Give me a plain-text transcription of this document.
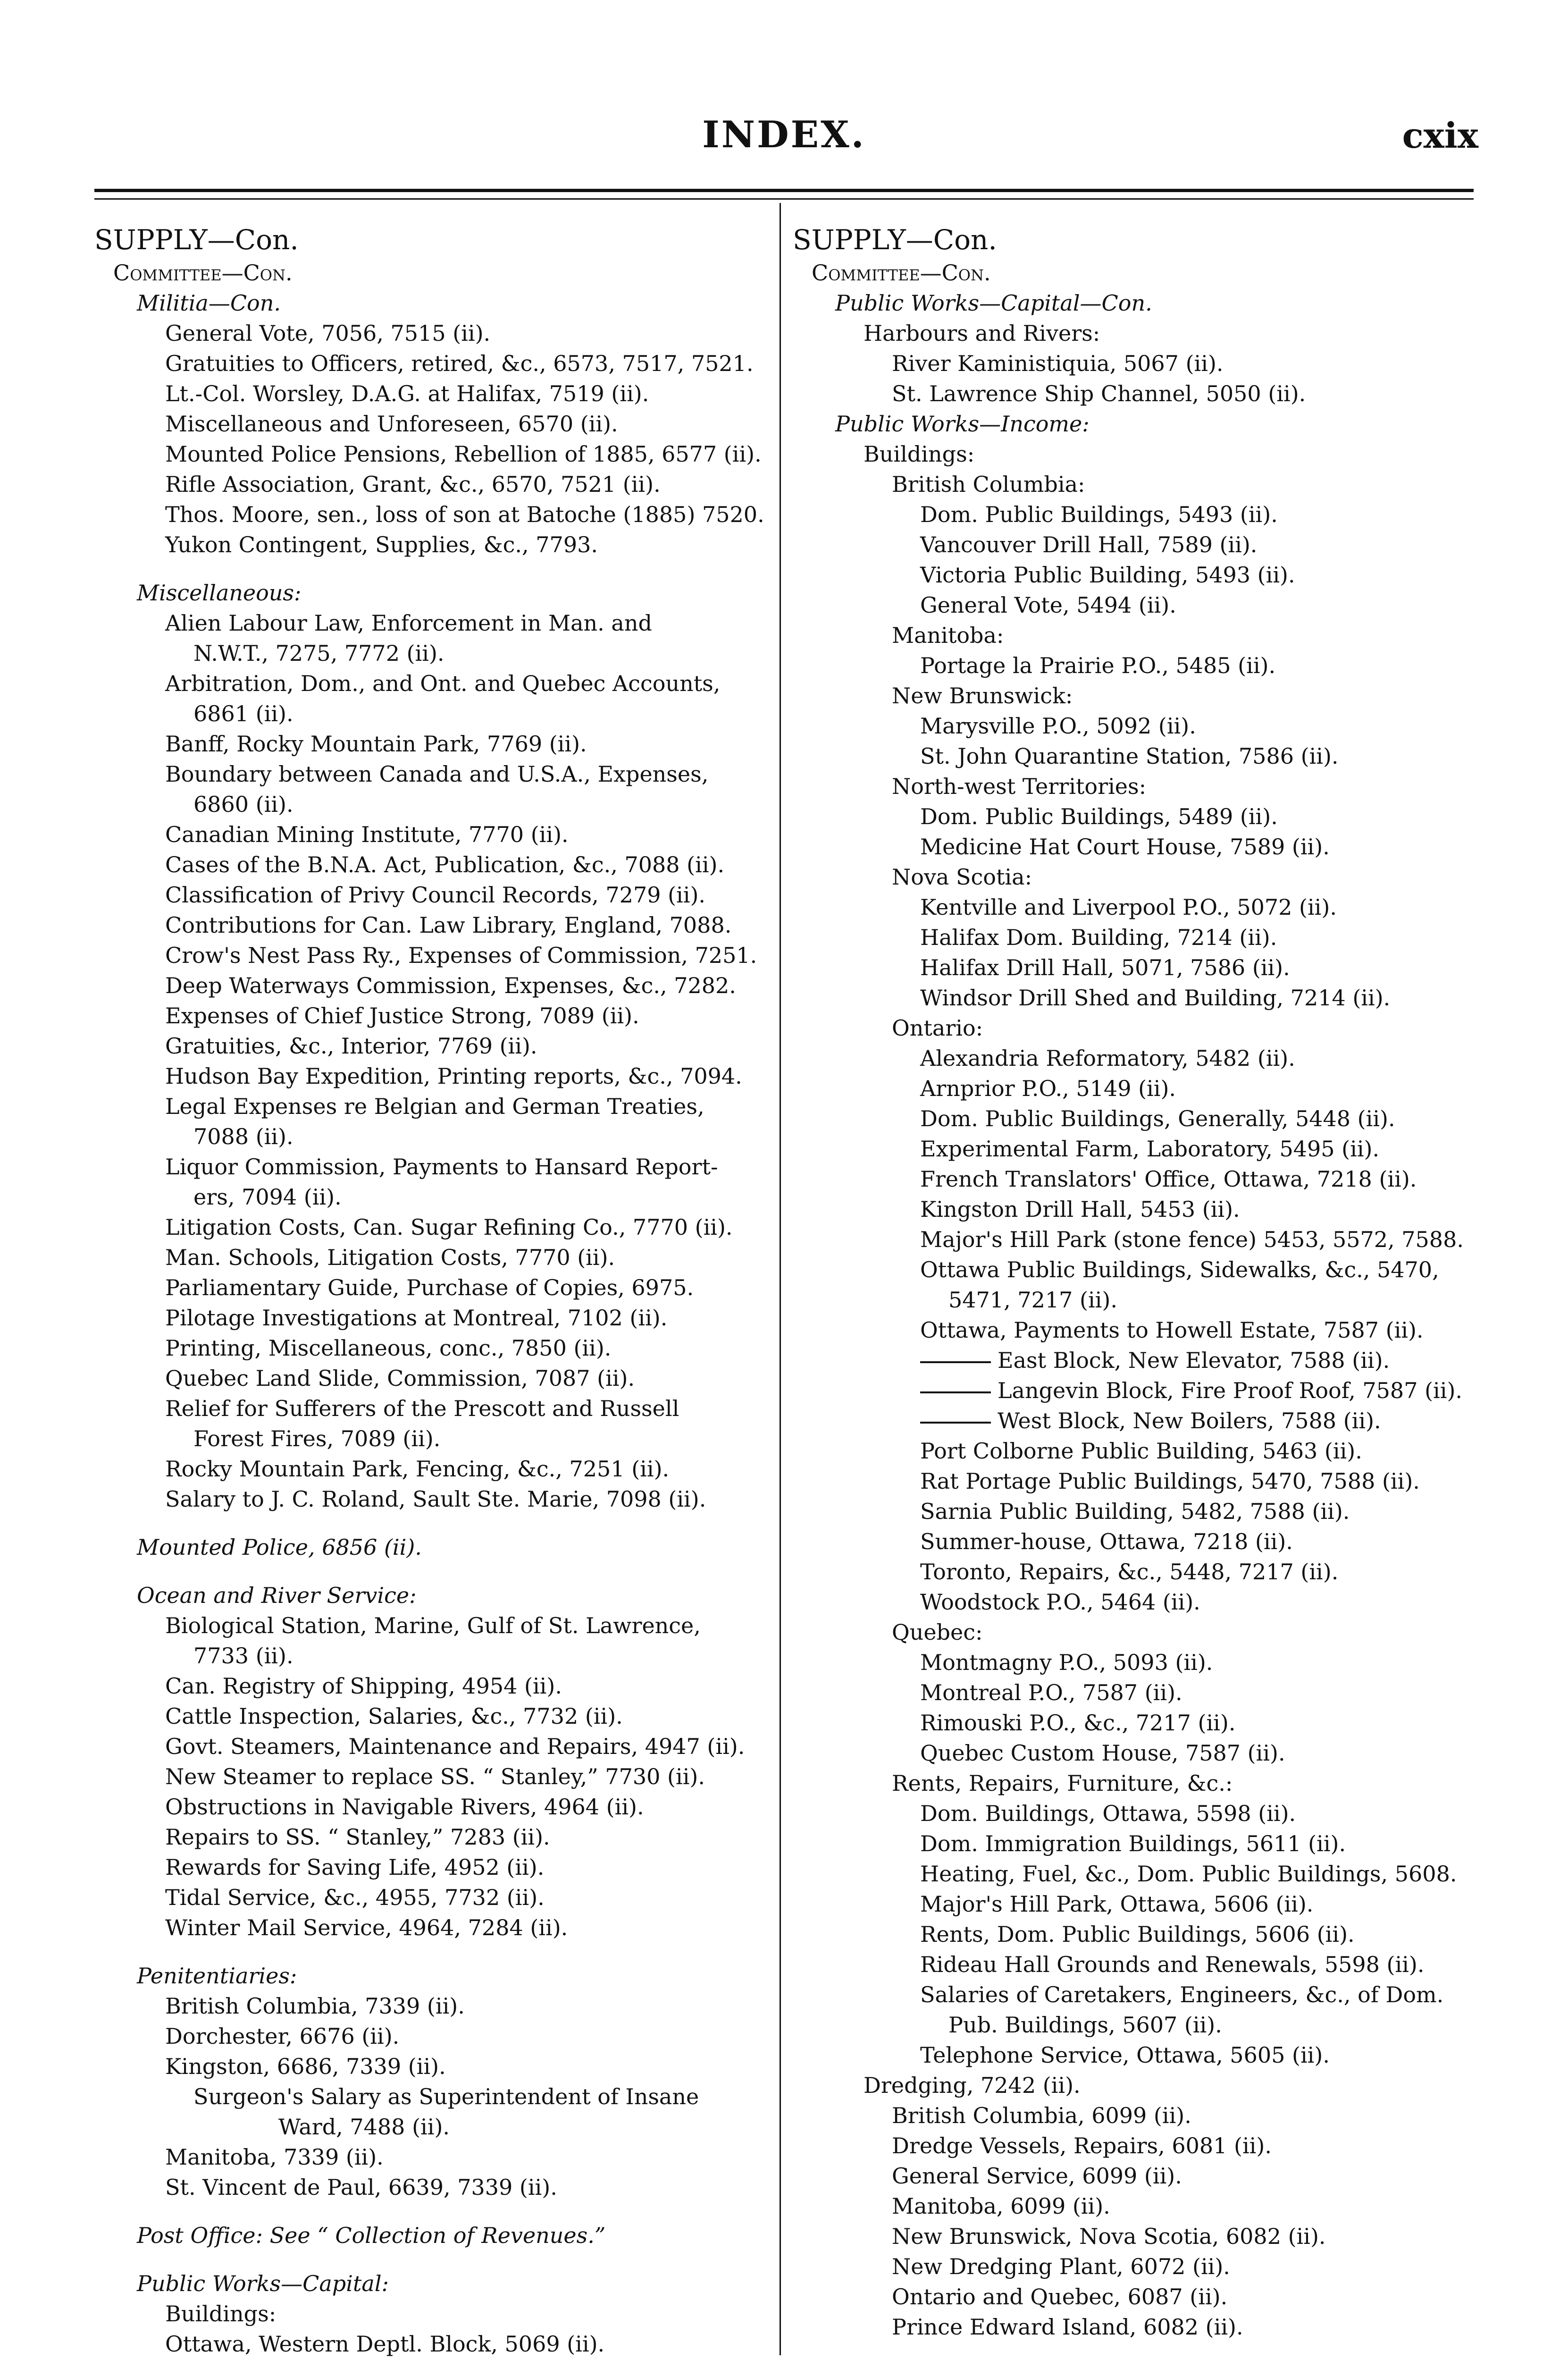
INDEX.	cxix
SUPPLY—Con.
Committee—Con.
Militia—Con.
General Vote, 7056, 7515 (ii).
Gratuities to Officers, retired, &c., 6573, 7517, 7521.
Lt.-Col. Worsley, D.A.G. at Halifax, 7519 (ii).
Miscellaneous and Unforeseen, 6570 (ii).
Mounted Police Pensions, Rebellion of 1885, 6577 (ii).
Rifle Association, Grant, &c., 6570, 7521 (ii).
Thos. Moore, sen., loss of son at Batoche (1885) 7520.
Yukon Contingent, Supplies, &c., 7793.
Miscellaneous:
Alien Labour Law, Enforcement in Man. and
N.W.T., 7275, 7772 (ii).
Arbitration, Dom., and Ont. and Quebec Accounts,
6861 (ii).
Banff, Rocky Mountain Park, 7769 (ii).
Boundary between Canada and U.S.A., Expenses,
6860 (ii).
Canadian Mining Institute, 7770 (ii).
Cases of the B.N.A. Act, Publication, &c., 7088 (ii).
Classification of Privy Council Records, 7279 (ii).
Contributions for Can. Law Library, England, 7088.
Crow's Nest Pass Ry., Expenses of Commission, 7251.
Deep Waterways Commission, Expenses, &c., 7282.
Expenses of Chief Justice Strong, 7089 (ii).
Gratuities, &c., Interior, 7769 (ii).
Hudson Bay Expedition, Printing reports, &c., 7094.
Legal Expenses re Belgian and German Treaties,
7088 (ii).
Liquor Commission, Payments to Hansard Report-
ers, 7094 (ii).
Litigation Costs, Can. Sugar Refining Co., 7770 (ii).
Man. Schools, Litigation Costs, 7770 (ii).
Parliamentary Guide, Purchase of Copies, 6975.
Pilotage Investigations at Montreal, 7102 (ii).
Printing, Miscellaneous, conc., 7850 (ii).
Quebec Land Slide, Commission, 7087 (ii).
Relief for Sufferers of the Prescott and Russell
Forest Fires, 7089 (ii).
Rocky Mountain Park, Fencing, &c., 7251 (ii).
Salary to J. C. Roland, Sault Ste. Marie, 7098 (ii).
Mounted Police, 6856 (ii).
Ocean and River Service:
Biological Station, Marine, Gulf of St. Lawrence,
7733 (ii).
Can. Registry of Shipping, 4954 (ii).
Cattle Inspection, Salaries, &c., 7732 (ii).
Govt. Steamers, Maintenance and Repairs, 4947 (ii).
New Steamer to replace SS. “ Stanley,” 7730 (ii).
Obstructions in Navigable Rivers, 4964 (ii).
Repairs to SS. “ Stanley,” 7283 (ii).
Rewards for Saving Life, 4952 (ii).
Tidal Service, &c., 4955, 7732 (ii).
Winter Mail Service, 4964, 7284 (ii).
Penitentiaries:
British Columbia, 7339 (ii).
Dorchester, 6676 (ii).
Kingston, 6686, 7339 (ii).
Surgeon's Salary as Superintendent of Insane
Ward, 7488 (ii).
Manitoba, 7339 (ii).
St. Vincent de Paul, 6639, 7339 (ii).
Post Office: See “ Collection of Revenues.”
Public Works—Capital:
Buildings:
Ottawa, Western Deptl. Block, 5069 (ii).
SUPPLY—Con.
Committee—Con.
Public Works—Capital—Con.
Harbours and Rivers:
River Kaministiquia, 5067 (ii).
St. Lawrence Ship Channel, 5050 (ii).
Public Works—Income:
Buildings:
British Columbia:
Dom. Public Buildings, 5493 (ii).
Vancouver Drill Hall, 7589 (ii).
Victoria Public Building, 5493 (ii).
General Vote, 5494 (ii).
Manitoba:
Portage la Prairie P.O., 5485 (ii).
New Brunswick:
Marysville P.O., 5092 (ii).
St. John Quarantine Station, 7586 (ii).
North-west Territories:
Dom. Public Buildings, 5489 (ii).
Medicine Hat Court House, 7589 (ii).
Nova Scotia:
Kentville and Liverpool P.O., 5072 (ii).
Halifax Dom. Building, 7214 (ii).
Halifax Drill Hall, 5071, 7586 (ii).
Windsor Drill Shed and Building, 7214 (ii).
Ontario:
Alexandria Reformatory, 5482 (ii).
Arnprior P.O., 5149 (ii).
Dom. Public Buildings, Generally, 5448 (ii).
Experimental Farm, Laboratory, 5495 (ii).
French Translators' Office, Ottawa, 7218 (ii).
Kingston Drill Hall, 5453 (ii).
Major's Hill Park (stone fence) 5453, 5572, 7588.
Ottawa Public Buildings, Sidewalks, &c., 5470,
5471, 7217 (ii).
Ottawa, Payments to Howell Estate, 7587 (ii).
East Block, New Elevator, 7588 (ii).
Langevin Block, Fire Proof Roof, 7587 (ii).
West Block, New Boilers, 7588 (ii).
Port Colborne Public Building, 5463 (ii).
Rat Portage Public Buildings, 5470, 7588 (ii).
Sarnia Public Building, 5482, 7588 (ii).
Summer-house, Ottawa, 7218 (ii).
Toronto, Repairs, &c., 5448, 7217 (ii).
Woodstock P.O., 5464 (ii).
Quebec:
Montmagny P.O., 5093 (ii).
Montreal P.O., 7587 (ii).
Rimouski P.O., &c., 7217 (ii).
Quebec Custom House, 7587 (ii).
Rents, Repairs, Furniture, &c.:
Dom. Buildings, Ottawa, 5598 (ii).
Dom. Immigration Buildings, 5611 (ii).
Heating, Fuel, &c., Dom. Public Buildings, 5608.
Major's Hill Park, Ottawa, 5606 (ii).
Rents, Dom. Public Buildings, 5606 (ii).
Rideau Hall Grounds and Renewals, 5598 (ii).
Salaries of Caretakers, Engineers, &c., of Dom.
Pub. Buildings, 5607 (ii).
Telephone Service, Ottawa, 5605 (ii).
Dredging, 7242 (ii).
British Columbia, 6099 (ii).
Dredge Vessels, Repairs, 6081 (ii).
General Service, 6099 (ii).
Manitoba, 6099 (ii).
New Brunswick, Nova Scotia, 6082 (ii).
New Dredging Plant, 6072 (ii).
Ontario and Quebec, 6087 (ii).
Prince Edward Island, 6082 (ii).
